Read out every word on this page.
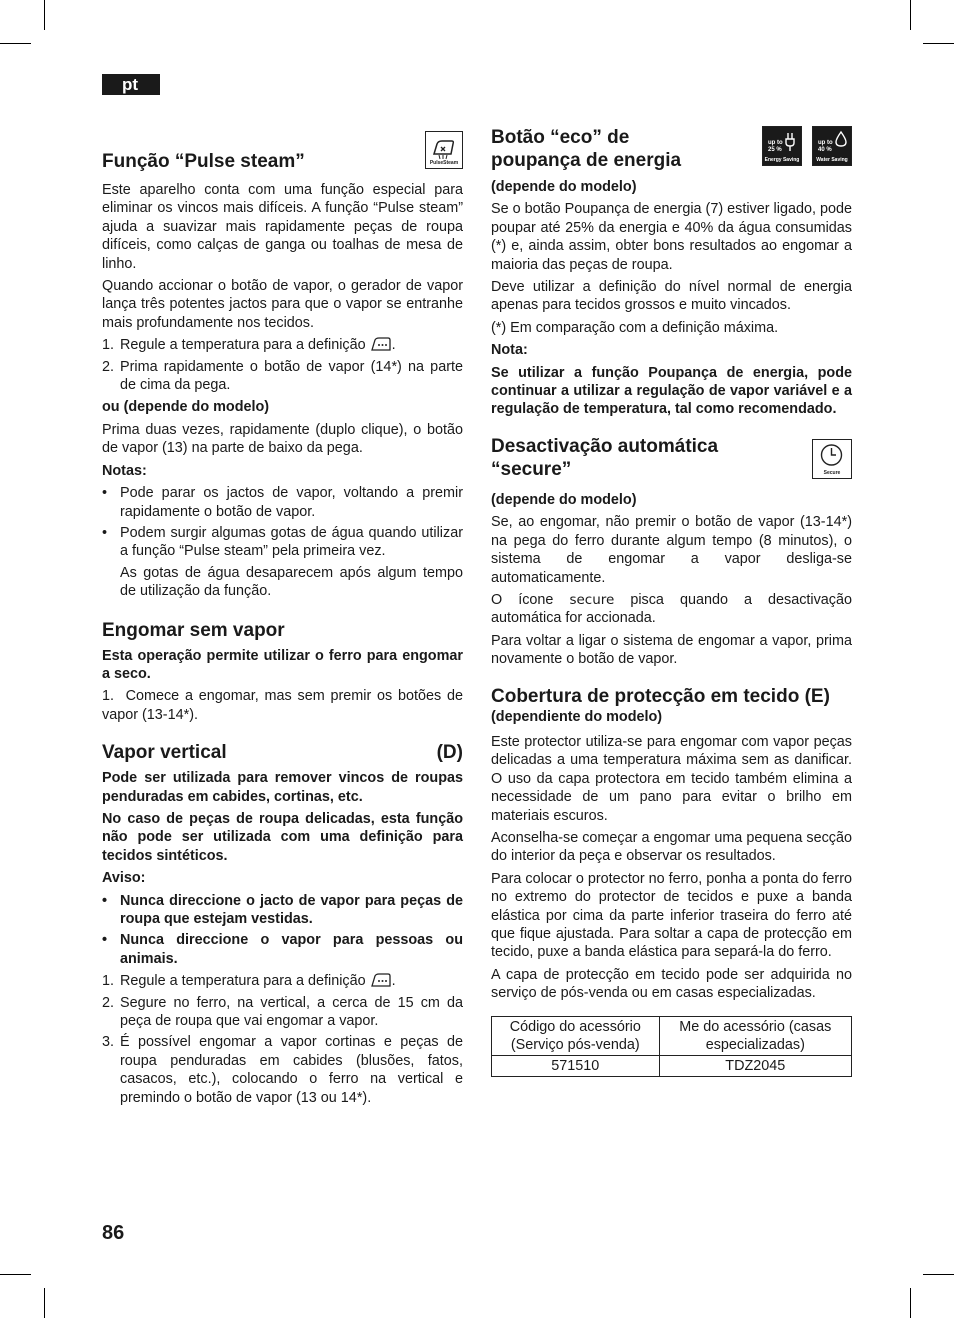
pt
Função “Pulse steam”	PulseSteam

Este aparelho conta com uma função especial para eliminar os vincos mais difíceis. A função “Pulse steam” ajuda a suavizar mais rapidamente peças de roupa difíceis, como calças de ganga ou toalhas de mesa de linho.

Quando accionar o botão de vapor, o gerador de vapor lança três potentes jactos para que o vapor se entranhe mais profundamente nos tecidos.

1. Regule a temperatura para a definição .
2. Prima rapidamente o botão de vapor (14*) na parte de cima da pega.

ou (depende do modelo)

Prima duas vezes, rapidamente (duplo clique), o botão de vapor (13) na parte de baixo da pega.

Notas:

• Pode parar os jactos de vapor, voltando a premir rapidamente o botão de vapor.
• Podem surgir algumas gotas de água quando utilizar a função “Pulse steam” pela primeira vez.

As gotas de água desaparecem após algum tempo de utilização da função.

Engomar sem vapor

Esta operação permite utilizar o ferro para engomar a seco.

1. Comece a engomar, mas sem premir os botões de vapor (13-14*).

Vapor vertical	(D)

Pode ser utilizada para remover vincos de roupas penduradas em cabides, cortinas, etc.

No caso de peças de roupa delicadas, esta função não pode ser utilizada com uma definição para tecidos sintéticos.

Aviso:

• Nunca direccione o jacto de vapor para peças de roupa que estejam vestidas.
• Nunca direccione o vapor para pessoas ou animais.
1. Regule a temperatura para a definição .
2. Segure no ferro, na vertical, a cerca de 15 cm da peça de roupa que vai engomar a vapor.
3. É possível engomar a vapor cortinas e peças de roupa penduradas em cabides (blusões, fatos, casacos, etc.), colocando o ferro na vertical e premindo o botão de vapor (13 ou 14*).
Botão “eco” de
poupança de energia
up to
25 %
Energy Saving
up to
40 %
Water Saving

(depende do modelo)

Se o botão Poupança de energia (7) estiver ligado, pode poupar até 25% da energia e 40% da água consumidas (*) e, ainda assim, obter bons resultados ao engomar a maioria das peças de roupa.

Deve utilizar a definição do nível normal de energia apenas para tecidos grossos e muito vincados.

(*) Em comparação com a definição máxima.

Nota:

Se utilizar a função Poupança de energia, pode continuar a utilizar a regulação de vapor variável e a regulação de temperatura, tal como recomendado.

Desactivação automática
“secure”	Secure

(depende do modelo)

Se, ao engomar, não premir o botão de vapor (13-14*) na pega do ferro durante algum tempo (8 minutos), o sistema de engomar a vapor desliga-se automaticamente.

O ícone secure pisca quando a desactivação automática for accionada.

Para voltar a ligar o sistema de engomar a vapor, prima novamente o botão de vapor.

Cobertura de protecção em tecido (E)

(dependiente do modelo)

Este protector utiliza-se para engomar com vapor peças delicadas a uma temperatura máxima sem as danificar. O uso da capa protectora em tecido também elimina a necessidade de um pano para evitar o brilho em materiais escuros.

Aconselha-se começar a engomar uma pequena secção do interior da peça e observar os resultados.

Para colocar o protector no ferro, ponha a ponta do ferro no extremo do protector de tecidos e puxe a banda elástica por cima da parte inferior traseira do ferro até que fique ajustada. Para soltar a capa de protecção em tecido, puxe a banda elástica para separá-la do ferro.

A capa de protecção em tecido pode ser adquirida no serviço de pós-venda ou em casas especializadas.

Código do acessório
(Serviço pós-venda)	Me do acessório (casas
especializadas)
571510	TDZ2045
86
